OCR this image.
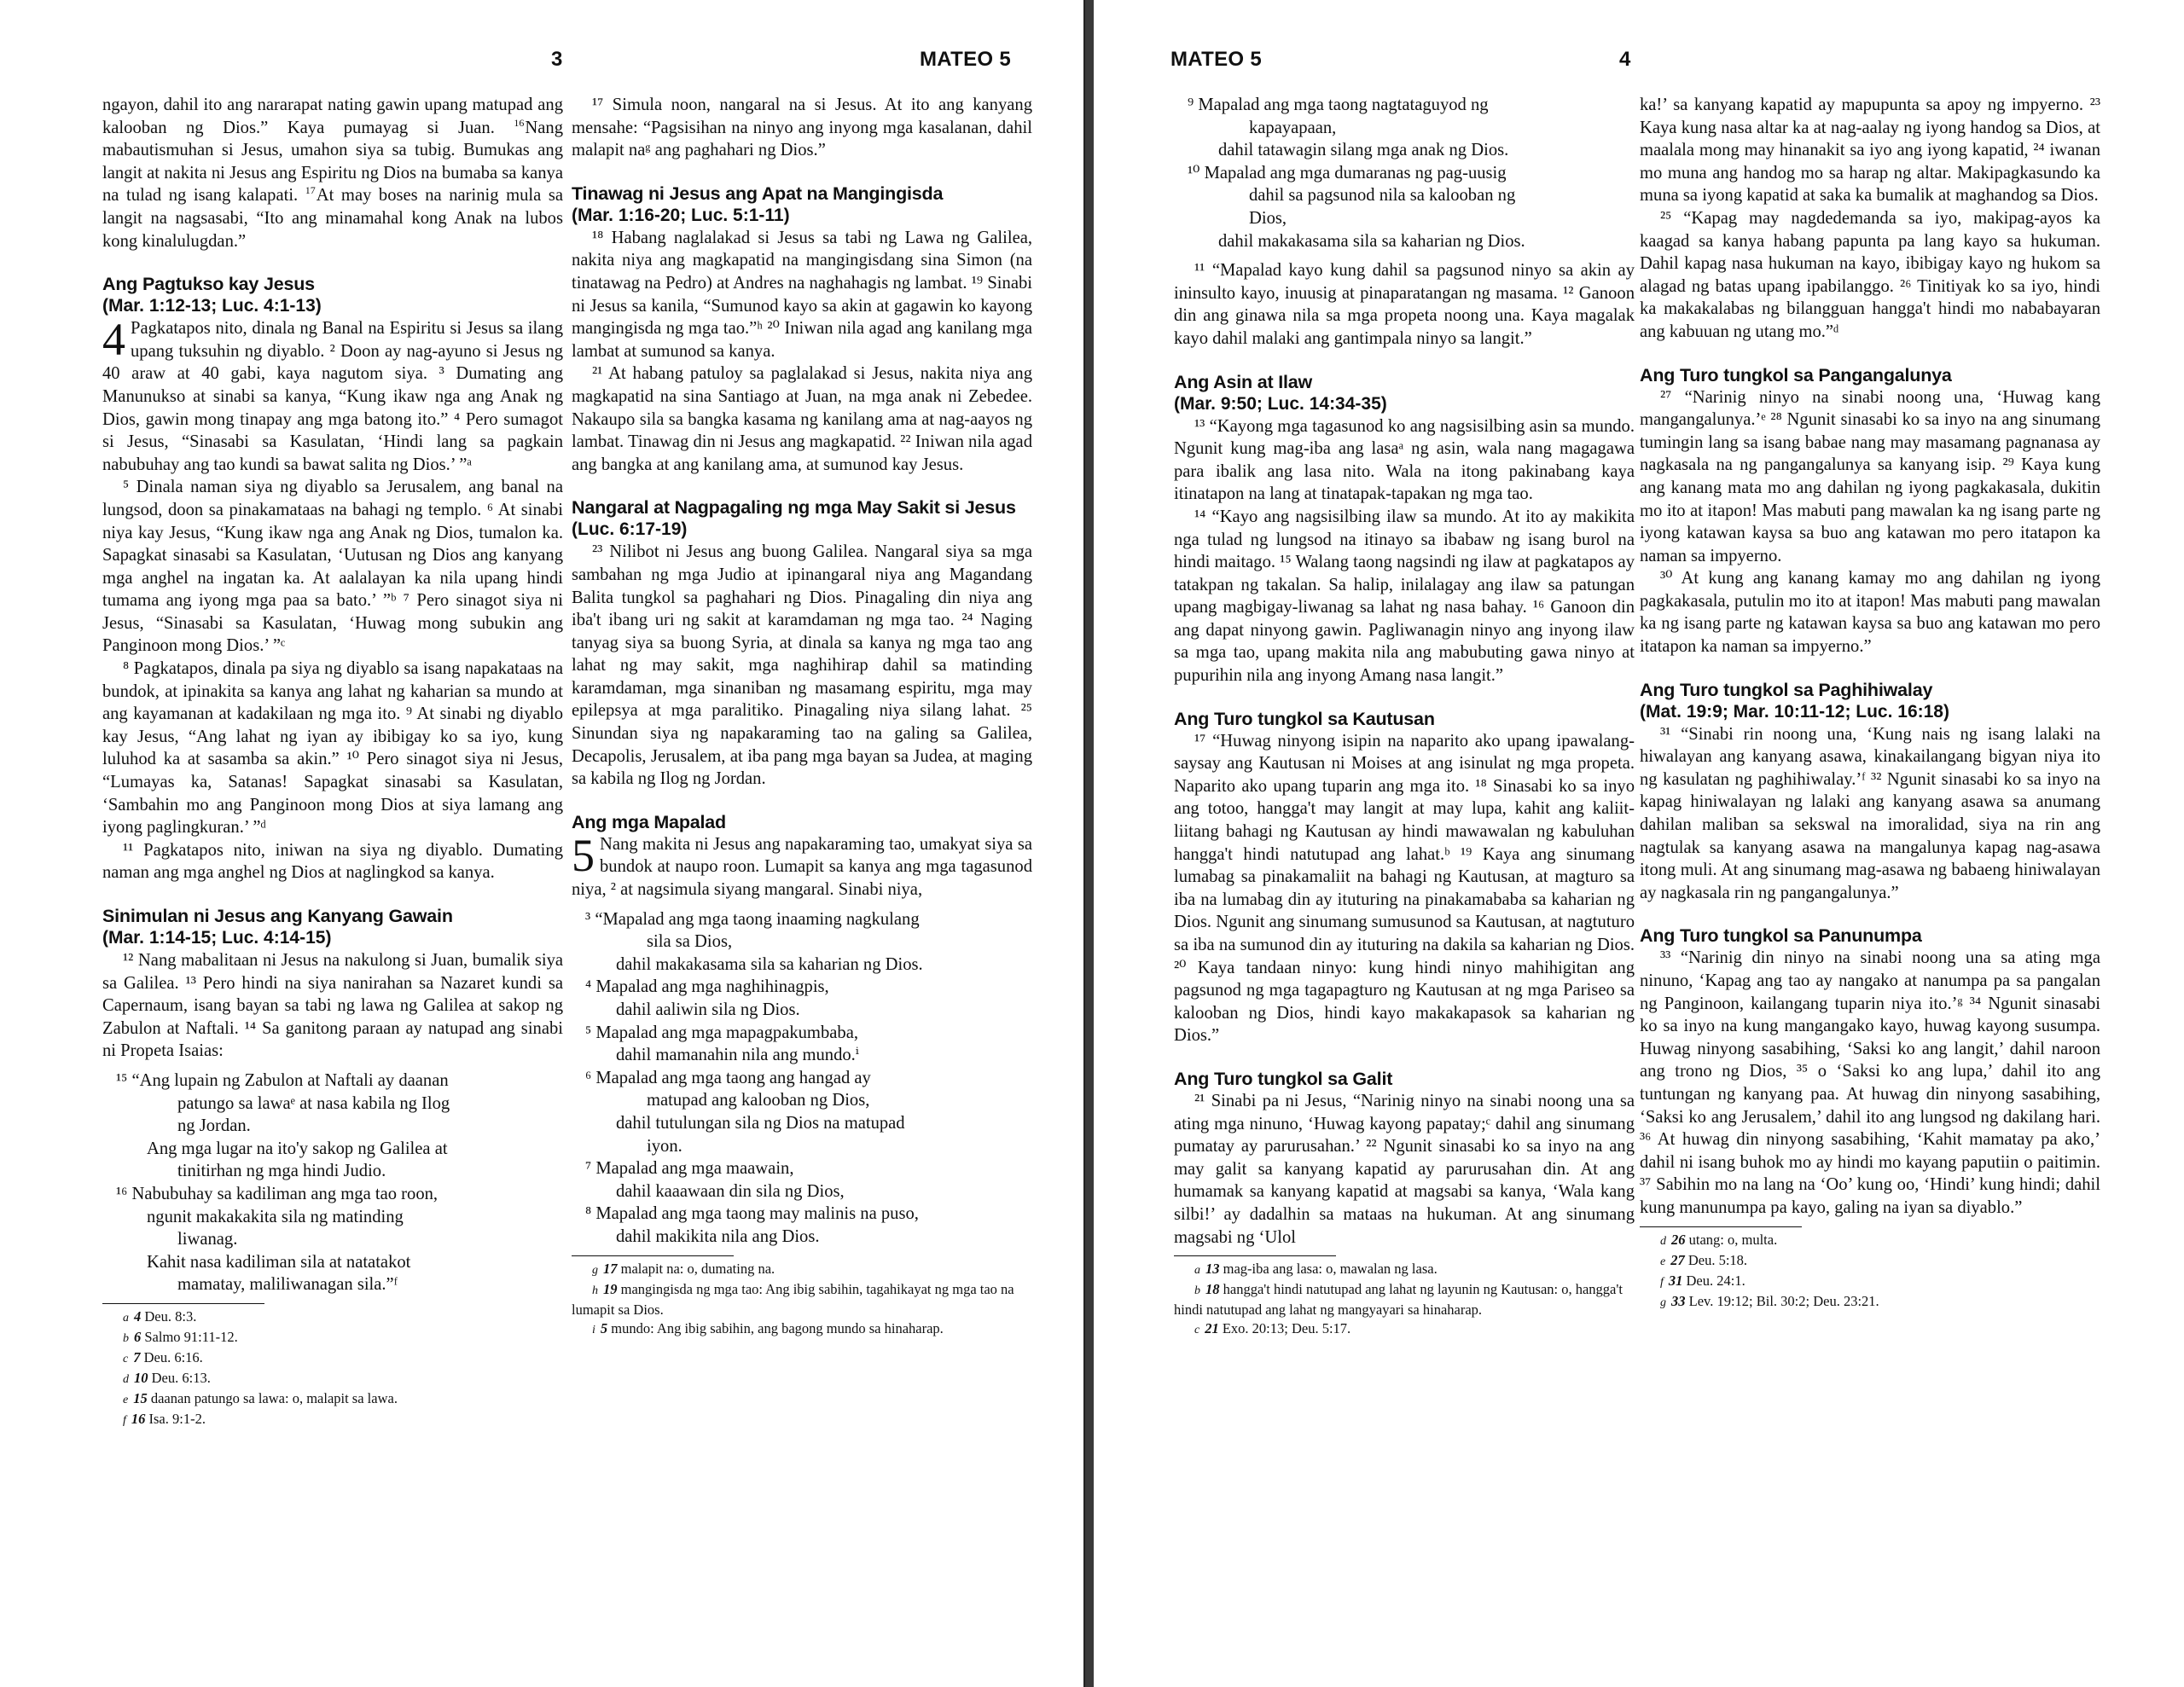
3	MATEO 5

ngayon, dahil ito ang nararapat nating gawin upang matupad ang kalooban ng Dios.” Kaya pumayag si Juan. $^{16}$Nang mabautismuhan si Jesus, umahon siya sa tubig. Bumukas ang langit at nakita ni Jesus ang Espiritu ng Dios na bumaba sa kanya na tulad ng isang kalapati. $^{17}$At may boses na narinig mula sa langit na nagsasabi, “Ito ang minamahal kong Anak na lubos kong kinalulugdan.”

Ang Pagtukso kay Jesus
(Mar. 1:12-13; Luc. 4:1-13)

4 Pagkatapos nito, dinala ng Banal na Espiritu si Jesus sa ilang upang tuksuhin ng diyablo. ² Doon ay nag-ayuno si Jesus ng 40 araw at 40 gabi, kaya nagutom siya. ³ Dumating ang Manunukso at sinabi sa kanya, “Kung ikaw nga ang Anak ng Dios, gawin mong tinapay ang mga batong ito.” ⁴ Pero sumagot si Jesus, “Sinasabi sa Kasulatan, ‘Hindi lang sa pagkain nabubuhay ang tao kundi sa bawat salita ng Dios.’ ”ᵃ

⁵ Dinala naman siya ng diyablo sa Jerusalem, ang banal na lungsod, doon sa pinakamataas na bahagi ng templo. ⁶ At sinabi niya kay Jesus, “Kung ikaw nga ang Anak ng Dios, tumalon ka. Sapagkat sinasabi sa Kasulatan, ‘Uutusan ng Dios ang kanyang mga anghel na ingatan ka. At aalalayan ka nila upang hindi tumama ang iyong mga paa sa bato.’ ”ᵇ ⁷ Pero sinagot siya ni Jesus, “Sinasabi sa Kasulatan, ‘Huwag mong subukin ang Panginoon mong Dios.’ ”ᶜ

⁸ Pagkatapos, dinala pa siya ng diyablo sa isang napakataas na bundok, at ipinakita sa kanya ang lahat ng kaharian sa mundo at ang kayamanan at kadakilaan ng mga ito. ⁹ At sinabi ng diyablo kay Jesus, “Ang lahat ng iyan ay ibibigay ko sa iyo, kung luluhod ka at sasamba sa akin.” ¹⁰ Pero sinagot siya ni Jesus, “Lumayas ka, Satanas! Sapagkat sinasabi sa Kasulatan, ‘Sambahin mo ang Panginoon mong Dios at siya lamang ang iyong paglingkuran.’ ”ᵈ

¹¹ Pagkatapos nito, iniwan na siya ng diyablo. Dumating naman ang mga anghel ng Dios at naglingkod sa kanya.

Sinimulan ni Jesus ang Kanyang Gawain
(Mar. 1:14-15; Luc. 4:14-15)

¹² Nang mabalitaan ni Jesus na nakulong si Juan, bumalik siya sa Galilea. ¹³ Pero hindi na siya nanirahan sa Nazaret kundi sa Capernaum, isang bayan sa tabi ng lawa ng Galilea at sakop ng Zabulon at Naftali. ¹⁴ Sa ganitong paraan ay natupad ang sinabi ni Propeta Isaias:

¹⁵ “Ang lupain ng Zabulon at Naftali ay daanan
patungo sa lawaᵉ at nasa kabila ng Ilog
ng Jordan.
Ang mga lugar na ito'y sakop ng Galilea at
tinitirhan ng mga hindi Judio.
¹⁶ Nabubuhay sa kadiliman ang mga tao roon,
ngunit makakakita sila ng matinding
liwanag.
Kahit nasa kadiliman sila at natatakot
mamatay, maliliwanagan sila.”ᶠ

a 4 Deu. 8:3.

b 6 Salmo 91:11-12.

c 7 Deu. 6:16.

d 10 Deu. 6:13.

e 15 daanan patungo sa lawa: o, malapit sa lawa.

f 16 Isa. 9:1-2.

¹⁷ Simula noon, nangaral na si Jesus. At ito ang kanyang mensahe: “Pagsisihan na ninyo ang inyong mga kasalanan, dahil malapit naᵍ ang paghahari ng Dios.”

Tinawag ni Jesus ang Apat na Mangingisda
(Mar. 1:16-20; Luc. 5:1-11)

¹⁸ Habang naglalakad si Jesus sa tabi ng Lawa ng Galilea, nakita niya ang magkapatid na mangingisdang sina Simon (na tinatawag na Pedro) at Andres na naghahagis ng lambat. ¹⁹ Sinabi ni Jesus sa kanila, “Sumunod kayo sa akin at gagawin ko kayong mangingisda ng mga tao.”ʰ ²⁰ Iniwan nila agad ang kanilang mga lambat at sumunod sa kanya.

²¹ At habang patuloy sa paglalakad si Jesus, nakita niya ang magkapatid na sina Santiago at Juan, na mga anak ni Zebedee. Nakaupo sila sa bangka kasama ng kanilang ama at nag-aayos ng lambat. Tinawag din ni Jesus ang magkapatid. ²² Iniwan nila agad ang bangka at ang kanilang ama, at sumunod kay Jesus.

Nangaral at Nagpagaling ng mga May Sakit si Jesus
(Luc. 6:17-19)

²³ Nilibot ni Jesus ang buong Galilea. Nangaral siya sa mga sambahan ng mga Judio at ipinangaral niya ang Magandang Balita tungkol sa paghahari ng Dios. Pinagaling din niya ang iba't ibang uri ng sakit at karamdaman ng mga tao. ²⁴ Naging tanyag siya sa buong Syria, at dinala sa kanya ng mga tao ang lahat ng may sakit, mga naghihirap dahil sa matinding karamdaman, mga sinaniban ng masamang espiritu, mga may epilepsya at mga paralitiko. Pinagaling niya silang lahat. ²⁵ Sinundan siya ng napakaraming tao na galing sa Galilea, Decapolis, Jerusalem, at iba pang mga bayan sa Judea, at maging sa kabila ng Ilog ng Jordan.

Ang mga Mapalad

5 Nang makita ni Jesus ang napakaraming tao, umakyat siya sa bundok at naupo roon. Lumapit sa kanya ang mga tagasunod niya, ² at nagsimula siyang mangaral. Sinabi niya,

³ “Mapalad ang mga taong inaaming nagkulang
sila sa Dios,
dahil makakasama sila sa kaharian ng Dios.
⁴ Mapalad ang mga naghihinagpis,
dahil aaliwin sila ng Dios.
⁵ Mapalad ang mga mapagpakumbaba,
dahil mamanahin nila ang mundo.ⁱ
⁶ Mapalad ang mga taong ang hangad ay
matupad ang kalooban ng Dios,
dahil tutulungan sila ng Dios na matupad
iyon.
⁷ Mapalad ang mga maawain,
dahil kaaawaan din sila ng Dios,
⁸ Mapalad ang mga taong may malinis na puso,
dahil makikita nila ang Dios.

g 17 malapit na: o, dumating na.

h 19 mangingisda ng mga tao: Ang ibig sabihin, tagahikayat ng mga tao na lumapit sa Dios.

i 5 mundo: Ang ibig sabihin, ang bagong mundo sa hinaharap.

MATEO 5	4
⁹ Mapalad ang mga taong nagtataguyod ng
kapayapaan,
dahil tatawagin silang mga anak ng Dios.
¹⁰ Mapalad ang mga dumaranas ng pag-uusig
dahil sa pagsunod nila sa kalooban ng
Dios,
dahil makakasama sila sa kaharian ng Dios.

¹¹ “Mapalad kayo kung dahil sa pagsunod ninyo sa akin ay ininsulto kayo, inuusig at pinaparatangan ng masama. ¹² Ganoon din ang ginawa nila sa mga propeta noong una. Kaya magalak kayo dahil malaki ang gantimpala ninyo sa langit.”

Ang Asin at Ilaw
(Mar. 9:50; Luc. 14:34-35)

¹³ “Kayong mga tagasunod ko ang nagsisilbing asin sa mundo. Ngunit kung mag-iba ang lasaᵃ ng asin, wala nang magagawa para ibalik ang lasa nito. Wala na itong pakinabang kaya itinatapon na lang at tinatapak-tapakan ng mga tao.

¹⁴ “Kayo ang nagsisilbing ilaw sa mundo. At ito ay makikita nga tulad ng lungsod na itinayo sa ibabaw ng isang burol na hindi maitago. ¹⁵ Walang taong nagsindi ng ilaw at pagkatapos ay tatakpan ng takalan. Sa halip, inilalagay ang ilaw sa patungan upang magbigay-liwanag sa lahat ng nasa bahay. ¹⁶ Ganoon din ang dapat ninyong gawin. Pagliwanagin ninyo ang inyong ilaw sa mga tao, upang makita nila ang mabubuting gawa ninyo at pupurihin nila ang inyong Amang nasa langit.”

Ang Turo tungkol sa Kautusan

¹⁷ “Huwag ninyong isipin na naparito ako upang ipawalang-saysay ang Kautusan ni Moises at ang isinulat ng mga propeta. Naparito ako upang tuparin ang mga ito. ¹⁸ Sinasabi ko sa inyo ang totoo, hangga't may langit at may lupa, kahit ang kaliit-liitang bahagi ng Kautusan ay hindi mawawalan ng kabuluhan hangga't hindi natutupad ang lahat.ᵇ ¹⁹ Kaya ang sinumang lumabag sa pinakamaliit na bahagi ng Kautusan, at magturo sa iba na lumabag din ay ituturing na pinakamababa sa kaharian ng Dios. Ngunit ang sinumang sumusunod sa Kautusan, at nagtuturo sa iba na sumunod din ay ituturing na dakila sa kaharian ng Dios. ²⁰ Kaya tandaan ninyo: kung hindi ninyo mahihigitan ang pagsunod ng mga tagapagturo ng Kautusan at ng mga Pariseo sa kalooban ng Dios, hindi kayo makakapasok sa kaharian ng Dios.”

Ang Turo tungkol sa Galit

²¹ Sinabi pa ni Jesus, “Narinig ninyo na sinabi noong una sa ating mga ninuno, ‘Huwag kayong papatay;ᶜ dahil ang sinumang pumatay ay parurusahan.’ ²² Ngunit sinasabi ko sa inyo na ang may galit sa kanyang kapatid ay parurusahan din. At ang humamak sa kanyang kapatid at magsabi sa kanya, ‘Wala kang silbi!’ ay dadalhin sa mataas na hukuman. At ang sinumang magsabi ng ‘Ulol

a 13 mag-iba ang lasa: o, mawalan ng lasa.

b 18 hangga't hindi natutupad ang lahat ng layunin ng Kautusan: o, hangga't hindi natutupad ang lahat ng mangyayari sa hinaharap.

c 21 Exo. 20:13; Deu. 5:17.

ka!’ sa kanyang kapatid ay mapupunta sa apoy ng impyerno. ²³ Kaya kung nasa altar ka at nag-aalay ng iyong handog sa Dios, at maalala mong may hinanakit sa iyo ang iyong kapatid, ²⁴ iwanan mo muna ang handog mo sa harap ng altar. Makipagkasundo ka muna sa iyong kapatid at saka ka bumalik at maghandog sa Dios.

²⁵ “Kapag may nagdedemanda sa iyo, makipag-ayos ka kaagad sa kanya habang papunta pa lang kayo sa hukuman. Dahil kapag nasa hukuman na kayo, ibibigay kayo ng hukom sa alagad ng batas upang ipabilanggo. ²⁶ Tinitiyak ko sa iyo, hindi ka makakalabas ng bilangguan hangga't hindi mo nababayaran ang kabuuan ng utang mo.”ᵈ

Ang Turo tungkol sa Pangangalunya

²⁷ “Narinig ninyo na sinabi noong una, ‘Huwag kang mangangalunya.’ᵉ ²⁸ Ngunit sinasabi ko sa inyo na ang sinumang tumingin lang sa isang babae nang may masamang pagnanasa ay nagkasala na ng pangangalunya sa kanyang isip. ²⁹ Kaya kung ang kanang mata mo ang dahilan ng iyong pagkakasala, dukitin mo ito at itapon! Mas mabuti pang mawalan ka ng isang parte ng iyong katawan kaysa sa buo ang katawan mo pero itatapon ka naman sa impyerno.

³⁰ At kung ang kanang kamay mo ang dahilan ng iyong pagkakasala, putulin mo ito at itapon! Mas mabuti pang mawalan ka ng isang parte ng katawan kaysa sa buo ang katawan mo pero itatapon ka naman sa impyerno.”

Ang Turo tungkol sa Paghihiwalay
(Mat. 19:9; Mar. 10:11-12; Luc. 16:18)

³¹ “Sinabi rin noong una, ‘Kung nais ng isang lalaki na hiwalayan ang kanyang asawa, kinakailangang bigyan niya ito ng kasulatan ng paghihiwalay.’ᶠ ³² Ngunit sinasabi ko sa inyo na kapag hiniwalayan ng lalaki ang kanyang asawa sa anumang dahilan maliban sa sekswal na imoralidad, siya na rin ang nagtulak sa kanyang asawa na mangalunya kapag nag-asawa itong muli. At ang sinumang mag-asawa ng babaeng hiniwalayan ay nagkasala rin ng pangangalunya.”

Ang Turo tungkol sa Panunumpa

³³ “Narinig din ninyo na sinabi noong una sa ating mga ninuno, ‘Kapag ang tao ay nangako at nanumpa pa sa pangalan ng Panginoon, kailangang tuparin niya ito.’ᵍ ³⁴ Ngunit sinasabi ko sa inyo na kung mangangako kayo, huwag kayong susumpa. Huwag ninyong sasabihing, ‘Saksi ko ang langit,’ dahil naroon ang trono ng Dios, ³⁵ o ‘Saksi ko ang lupa,’ dahil ito ang tuntungan ng kanyang paa. At huwag din ninyong sasabihing, ‘Saksi ko ang Jerusalem,’ dahil ito ang lungsod ng dakilang hari. ³⁶ At huwag din ninyong sasabihing, ‘Kahit mamatay pa ako,’ dahil ni isang buhok mo ay hindi mo kayang paputiin o paitimin. ³⁷ Sabihin mo na lang na ‘Oo’ kung oo, ‘Hindi’ kung hindi; dahil kung manunumpa pa kayo, galing na iyan sa diyablo.”

d 26 utang: o, multa.

e 27 Deu. 5:18.

f 31 Deu. 24:1.

g 33 Lev. 19:12; Bil. 30:2; Deu. 23:21.
